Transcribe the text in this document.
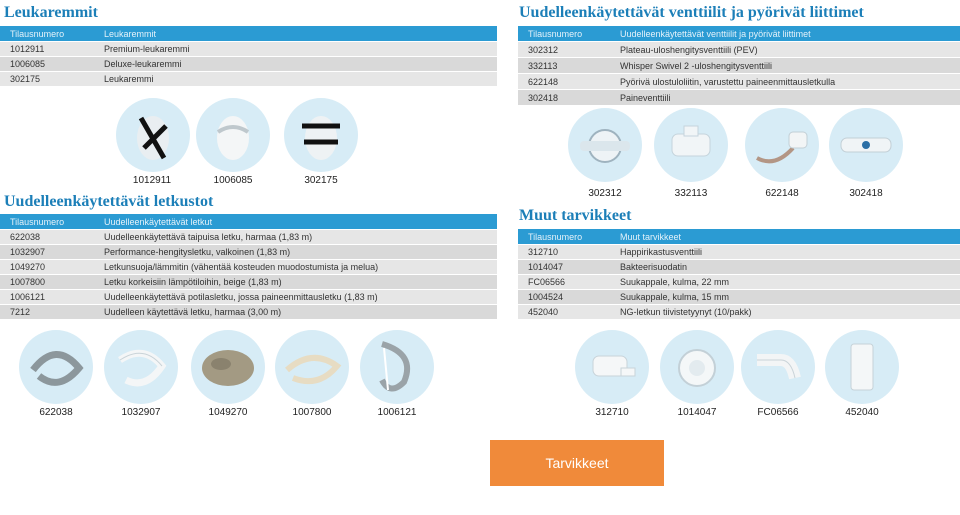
Leukaremmit
Tilausnumero	Leukaremmit
1012911	Premium-leukaremmi
1006085	Deluxe-leukaremmi
302175	Leukaremmi
1012911	1006085	302175
Uudelleenkäytettävät letkustot
Tilausnumero	Uudelleenkäytettävät letkut
622038	Uudelleenkäytettävä taipuisa letku, harmaa (1,83 m)
1032907	Performance-hengitysletku, valkoinen (1,83 m)
1049270	Letkunsuoja/lämmitin (vähentää kosteuden muodostumista ja melua)
1007800	Letku korkeisiin lämpötiloihin, beige (1,83 m)
1006121	Uudelleenkäytettävä potilasletku, jossa paineenmittausletku (1,83 m)
7212	Uudelleen käytettävä letku, harmaa (3,00 m)
622038	1032907	1049270	1007800	1006121
Uudelleenkäytettävät venttiilit ja pyörivät liittimet
Tilausnumero	Uudelleenkäytettävät venttiilit ja pyörivät liittimet
302312	Plateau-uloshengitysventtiili (PEV)
332113	Whisper Swivel 2 -uloshengitysventtiili
622148	Pyörivä ulostuloliitin, varustettu paineenmittausletkulla
302418	Paineventtiili
302312	332113	622148	302418
Muut tarvikkeet
Tilausnumero	Muut tarvikkeet
312710	Happirikastusventtiili
1014047	Bakteerisuodatin
FC06566	Suukappale, kulma, 22 mm
1004524	Suukappale, kulma, 15 mm
452040	NG-letkun tiivistetyynyt (10/pakk)
312710	1014047	FC06566	452040
Tarvikkeet
